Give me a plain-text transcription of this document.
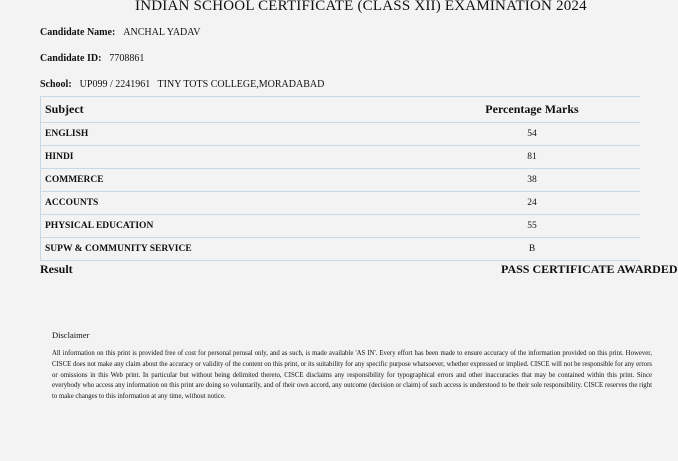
INDIAN SCHOOL CERTIFICATE (CLASS XII) EXAMINATION 2024
Candidate Name: ANCHAL YADAV
Candidate ID: 7708861
School: UP099 / 2241961   TINY TOTS COLLEGE,MORADABAD
Subject	Percentage Marks
ENGLISH	54
HINDI	81
COMMERCE	38
ACCOUNTS	24
PHYSICAL EDUCATION	55
SUPW & COMMUNITY SERVICE	B
Result	PASS CERTIFICATE AWARDED
Disclaimer
All information on this print is provided free of cost for personal perusal only, and as such, is made available 'AS IN'. Every effort has been made to ensure accuracy of the information provided on this print. However, CISCE does not make any claim about the accuracy or validity of the content on this print, or its suitability for any specific purpose whatsoever, whether expressed or implied. CISCE will not be responsible for any errors or omissions in this Web print. In particular but without being delimited thereto, CISCE disclaims any responsibility for typographical errors and other inaccuracies that may be contained within this print. Since everybody who access any information on this print are doing so voluntarily, and of their own accord, any outcome (decision or claim) of such access is understood to be their sole responsibility. CISCE reserves the right to make changes to this information at any time, without notice.
